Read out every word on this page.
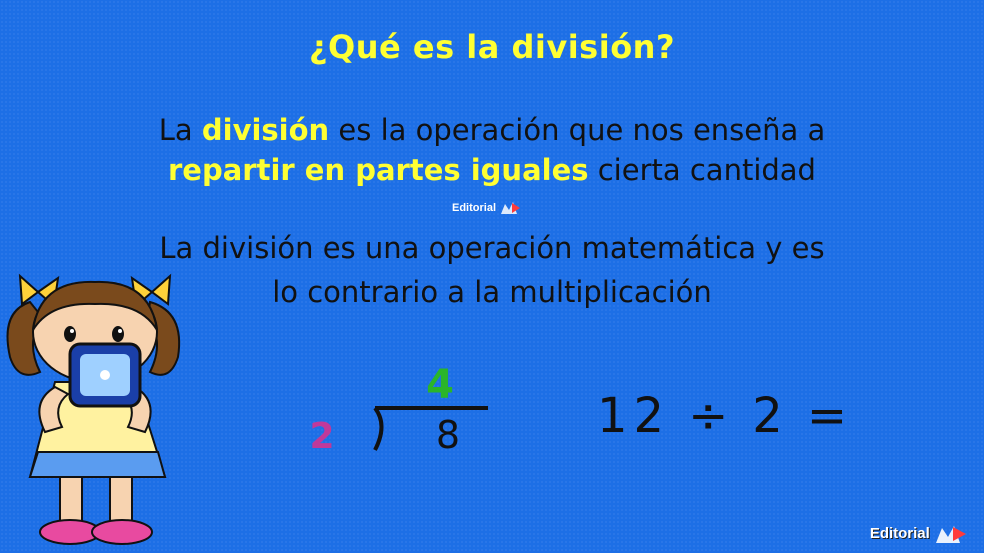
¿Qué es la división?
La división es la operación que nos enseña a
repartir en partes iguales cierta cantidad
Editorial
La división es una operación matemática y es
lo contrario a la multiplicación
4
2	8	12 ÷ 2 =
Editorial
